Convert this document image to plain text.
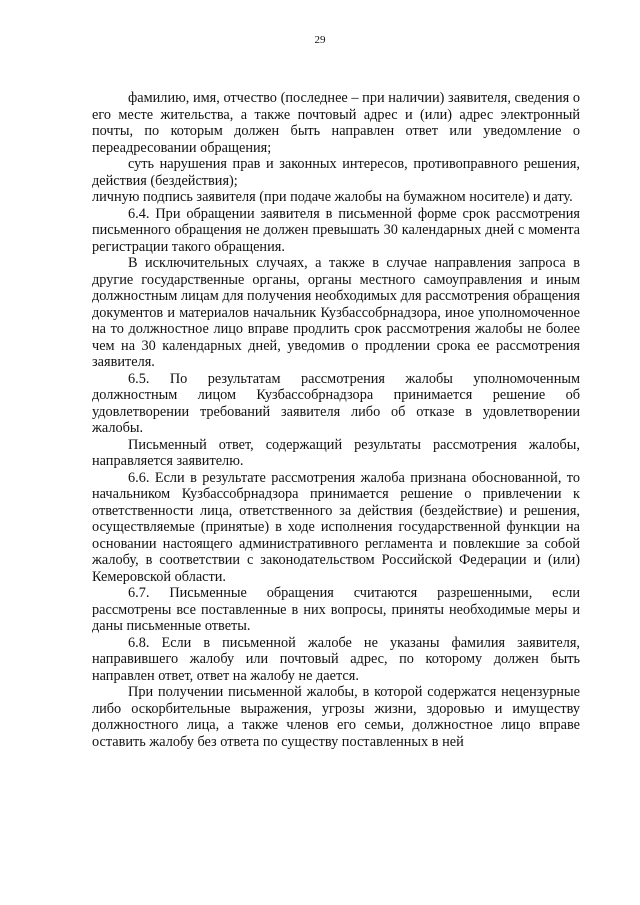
29

фамилию, имя, отчество (последнее – при наличии) заявителя, сведения о его месте жительства, а также почтовый адрес и (или) адрес электронный почты, по которым должен быть направлен ответ или уведомление о переадресовании обращения;

суть нарушения прав и законных интересов, противоправного решения, действия (бездействия);

личную подпись заявителя (при подаче жалобы на бумажном носителе) и дату.

6.4. При обращении заявителя в письменной форме срок рассмотрения письменного обращения не должен превышать 30 календарных дней с момента регистрации такого обращения.

В исключительных случаях, а также в случае направления запроса в другие государственные органы, органы местного самоуправления и иным должностным лицам для получения необходимых для рассмотрения обращения документов и материалов начальник Кузбассобрнадзора, иное уполномоченное на то должностное лицо вправе продлить срок рассмотрения жалобы не более чем на 30 календарных дней, уведомив о продлении срока ее рассмотрения заявителя.

6.5. По результатам рассмотрения жалобы уполномоченным должностным лицом Кузбассобрнадзора принимается решение об удовлетворении требований заявителя либо об отказе в удовлетворении жалобы.

Письменный ответ, содержащий результаты рассмотрения жалобы, направляется заявителю.

6.6. Если в результате рассмотрения жалоба признана обоснованной, то начальником Кузбассобрнадзора принимается решение о привлечении к ответственности лица, ответственного за действия (бездействие) и решения, осуществляемые (принятые) в ходе исполнения государственной функции на основании настоящего административного регламента и повлекшие за собой жалобу, в соответствии с законодательством Российской Федерации и (или) Кемеровской области.

6.7. Письменные обращения считаются разрешенными, если рассмотрены все поставленные в них вопросы, приняты необходимые меры и даны письменные ответы.

6.8. Если в письменной жалобе не указаны фамилия заявителя, направившего жалобу или почтовый адрес, по которому должен быть направлен ответ, ответ на жалобу не дается.

При получении письменной жалобы, в которой содержатся нецензурные либо оскорбительные выражения, угрозы жизни, здоровью и имуществу должностного лица, а также членов его семьи, должностное лицо вправе оставить жалобу без ответа по существу поставленных в ней
